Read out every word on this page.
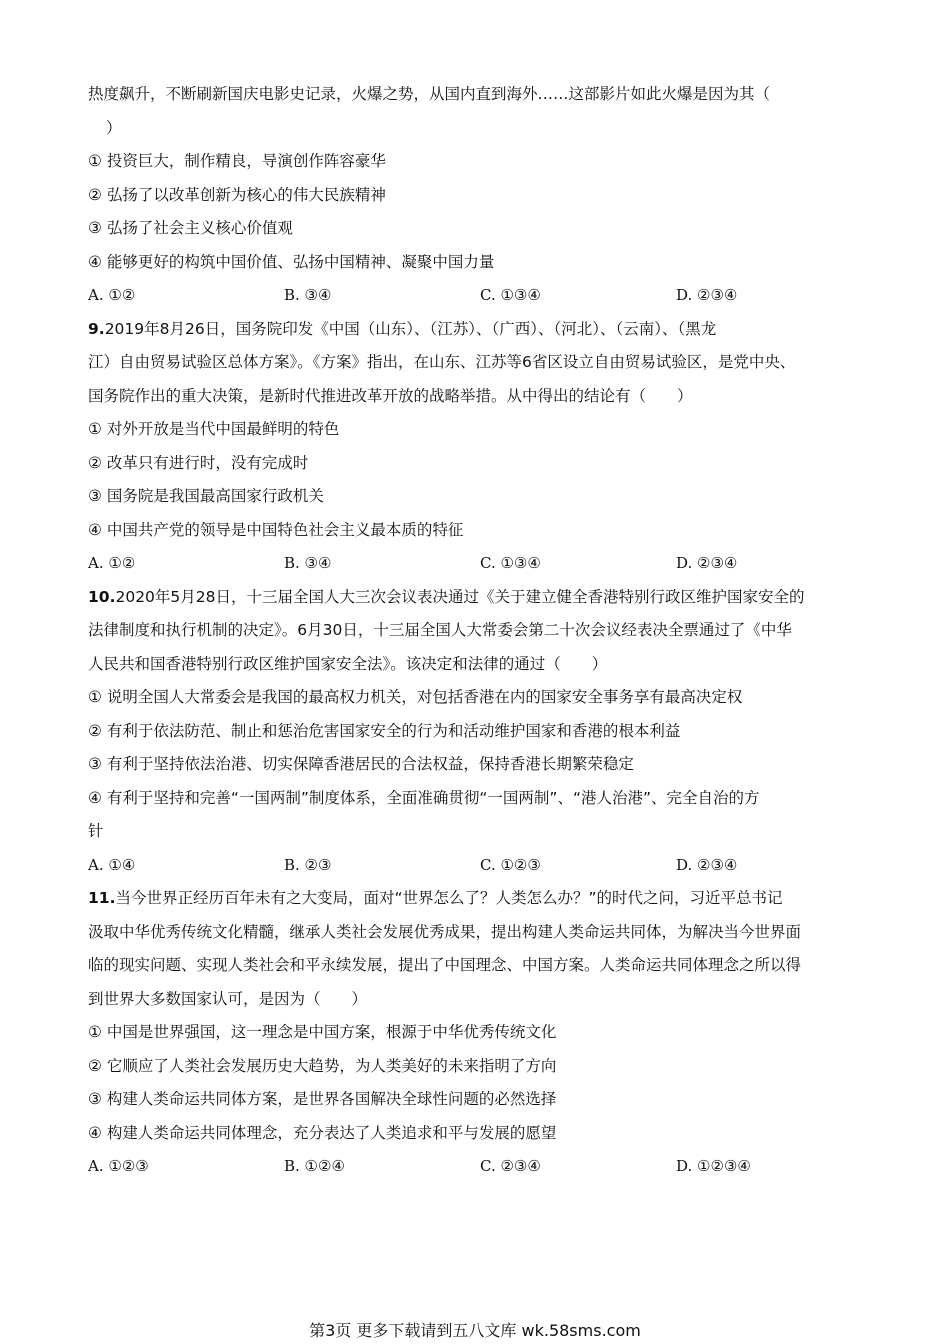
热度飙升，不断刷新国庆电影史记录，火爆之势，从国内直到海外……这部影片如此火爆是因为其（
）
① 投资巨大，制作精良，导演创作阵容豪华
② 弘扬了以改革创新为核心的伟大民族精神
③ 弘扬了社会主义核心价值观
④ 能够更好的构筑中国价值、弘扬中国精神、凝聚中国力量
A. ①②	B. ③④	C. ①③④	D. ②③④
9.2019年8月26日，国务院印发《中国（山东）、（江苏）、（广西）、（河北）、（云南）、（黑龙
江）自由贸易试验区总体方案》。《方案》指出，在山东、江苏等6省区设立自由贸易试验区，是党中央、
国务院作出的重大决策，是新时代推进改革开放的战略举措。从中得出的结论有（　　）
① 对外开放是当代中国最鲜明的特色
② 改革只有进行时，没有完成时
③ 国务院是我国最高国家行政机关
④ 中国共产党的领导是中国特色社会主义最本质的特征
A. ①②	B. ③④	C. ①③④	D. ②③④
10.2020年5月28日，十三届全国人大三次会议表决通过《关于建立健全香港特别行政区维护国家安全的
法律制度和执行机制的决定》。6月30日，十三届全国人大常委会第二十次会议经表决全票通过了《中华
人民共和国香港特别行政区维护国家安全法》。该决定和法律的通过（　　）
① 说明全国人大常委会是我国的最高权力机关，对包括香港在内的国家安全事务享有最高决定权
② 有利于依法防范、制止和惩治危害国家安全的行为和活动维护国家和香港的根本利益
③ 有利于坚持依法治港、切实保障香港居民的合法权益，保持香港长期繁荣稳定
④ 有利于坚持和完善“一国两制”制度体系，全面准确贯彻“一国两制”、“港人治港”、完全自治的方
针
A. ①④	B. ②③	C. ①②③	D. ②③④
11.当今世界正经历百年未有之大变局，面对“世界怎么了？人类怎么办？”的时代之问，习近平总书记
汲取中华优秀传统文化精髓，继承人类社会发展优秀成果，提出构建人类命运共同体，为解决当今世界面
临的现实问题、实现人类社会和平永续发展，提出了中国理念、中国方案。人类命运共同体理念之所以得
到世界大多数国家认可，是因为（　　）
① 中国是世界强国，这一理念是中国方案，根源于中华优秀传统文化
② 它顺应了人类社会发展历史大趋势，为人类美好的未来指明了方向
③ 构建人类命运共同体方案，是世界各国解决全球性问题的必然选择
④ 构建人类命运共同体理念，充分表达了人类追求和平与发展的愿望
A. ①②③	B. ①②④	C. ②③④	D. ①②③④
第3页 更多下载请到五八文库 wk.58sms.com
